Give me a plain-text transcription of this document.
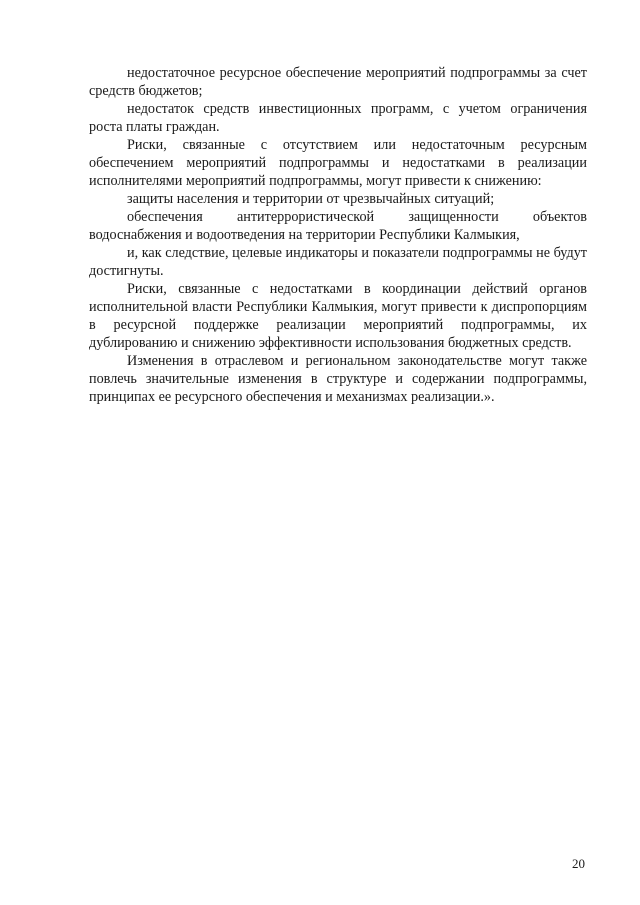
недостаточное ресурсное обеспечение мероприятий подпрограммы за счет средств бюджетов;

недостаток средств инвестиционных программ, с учетом ограничения роста платы граждан.

Риски, связанные с отсутствием или недостаточным ресурсным обеспечением мероприятий подпрограммы и недостатками в реализации исполнителями мероприятий подпрограммы, могут привести к снижению:

защиты населения и территории от чрезвычайных ситуаций;

обеспечения антитеррористической защищенности объектов водоснабжения и водоотведения на территории Республики Калмыкия,

и, как следствие, целевые индикаторы и показатели подпрограммы не будут достигнуты.

Риски, связанные с недостатками в координации действий органов исполнительной власти Республики Калмыкия, могут привести к диспропорциям в ресурсной поддержке реализации мероприятий подпрограммы, их дублированию и снижению эффективности использования бюджетных средств.

Изменения в отраслевом и региональном законодательстве могут также повлечь значительные изменения в структуре и содержании подпрограммы, принципах ее ресурсного обеспечения и механизмах реализации.».

20
